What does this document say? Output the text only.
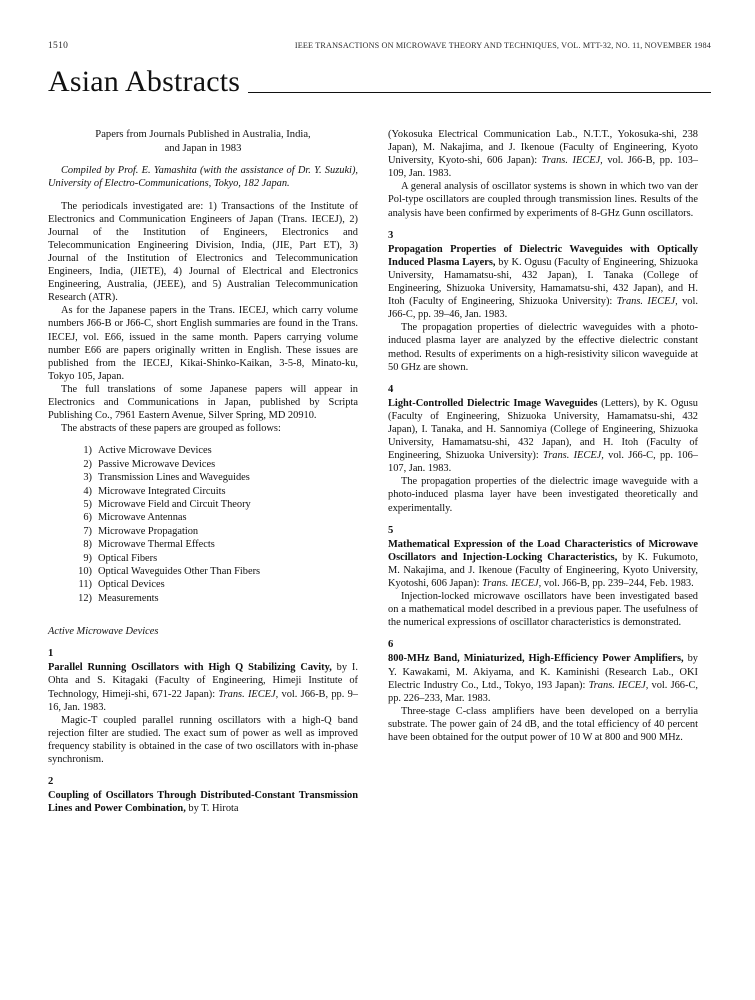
1510	IEEE TRANSACTIONS ON MICROWAVE THEORY AND TECHNIQUES, VOL. MTT-32, NO. 11, NOVEMBER 1984
Asian Abstracts

Papers from Journals Published in Australia, India,

and Japan in 1983

Compiled by Prof. E. Yamashita (with the assistance of Dr. Y. Suzuki), University of Electro-Communications, Tokyo, 182 Japan.

The periodicals investigated are: 1) Transactions of the Institute of Electronics and Communication Engineers of Japan (Trans. IECEJ), 2) Journal of the Institution of Engineers, Electronics and Telecommunication Engineering Division, India, (JIE, Part ET), 3) Journal of the Institution of Electronics and Telecommunication Engineers, India, (JIETE), 4) Journal of Electrical and Electronics Engineering, Australia, (JEEE), and 5) Australian Telecommunication Research (ATR).

As for the Japanese papers in the Trans. IECEJ, which carry volume numbers J66-B or J66-C, short English summaries are found in the Trans. IECEJ, vol. E66, issued in the same month. Papers carrying volume number E66 are papers originally written in English. These issues are published from the IECEJ, Kikai-Shinko-Kaikan, 3-5-8, Minato-ku, Tokyo 105, Japan.

The full translations of some Japanese papers will appear in Electronics and Communications in Japan, published by Scripta Publishing Co., 7961 Eastern Avenue, Silver Spring, MD 20910.

The abstracts of these papers are grouped as follows:

1) Active Microwave Devices
2) Passive Microwave Devices
3) Transmission Lines and Waveguides
4) Microwave Integrated Circuits
5) Microwave Field and Circuit Theory
6) Microwave Antennas
7) Microwave Propagation
8) Microwave Thermal Effects
9) Optical Fibers
10) Optical Waveguides Other Than Fibers
11) Optical Devices
12) Measurements

Active Microwave Devices

1

Parallel Running Oscillators with High Q Stabilizing Cavity, by I. Ohta and S. Kitagaki (Faculty of Engineering, Himeji Institute of Technology, Himeji-shi, 671-22 Japan): Trans. IECEJ, vol. J66-B, pp. 9–16, Jan. 1983.

Magic-T coupled parallel running oscillators with a high-Q band rejection filter are studied. The exact sum of power as well as improved frequency stability is obtained in the case of two oscillators with in-phase synchronism.

2

Coupling of Oscillators Through Distributed-Constant Transmission Lines and Power Combination, by T. Hirota

(Yokosuka Electrical Communication Lab., N.T.T., Yokosuka-shi, 238 Japan), M. Nakajima, and J. Ikenoue (Faculty of Engineering, Kyoto University, Kyoto-shi, 606 Japan): Trans. IECEJ, vol. J66-B, pp. 103–109, Jan. 1983.

A general analysis of oscillator systems is shown in which two van der Pol-type oscillators are coupled through transmission lines. Results of the analysis have been confirmed by experiments of 8-GHz Gunn oscillators.

3

Propagation Properties of Dielectric Waveguides with Optically Induced Plasma Layers, by K. Ogusu (Faculty of Engineering, Shizuoka University, Hamamatsu-shi, 432 Japan), I. Tanaka (College of Engineering, Shizuoka University, Hamamatsu-shi, 432 Japan), and H. Itoh (Faculty of Engineering, Shizuoka University): Trans. IECEJ, vol. J66-C, pp. 39–46, Jan. 1983.

The propagation properties of dielectric waveguides with a photo-induced plasma layer are analyzed by the effective dielectric constant method. Results of experiments on a high-resistivity silicon waveguide at 50 GHz are shown.

4

Light-Controlled Dielectric Image Waveguides (Letters), by K. Ogusu (Faculty of Engineering, Shizuoka University, Hamamatsu-shi, 432 Japan), I. Tanaka, and H. Sannomiya (College of Engineering, Shizuoka University, Hamamatsu-shi, 432 Japan), and H. Itoh (Faculty of Engineering, Shizuoka University): Trans. IECEJ, vol. J66-C, pp. 106–107, Jan. 1983.

The propagation properties of the dielectric image waveguide with a photo-induced plasma layer have been investigated theoretically and experimentally.

5

Mathematical Expression of the Load Characteristics of Microwave Oscillators and Injection-Locking Characteristics, by K. Fukumoto, M. Nakajima, and J. Ikenoue (Faculty of Engineering, Kyoto University, Kyotoshi, 606 Japan): Trans. IECEJ, vol. J66-B, pp. 239–244, Feb. 1983.

Injection-locked microwave oscillators have been investigated based on a mathematical model described in a previous paper. The usefulness of the numerical expressions of oscillator characteristics is demonstrated.

6

800-MHz Band, Miniaturized, High-Efficiency Power Amplifiers, by Y. Kawakami, M. Akiyama, and K. Kaminishi (Research Lab., OKI Electric Industry Co., Ltd., Tokyo, 193 Japan): Trans. IECEJ, vol. J66-C, pp. 226–233, Mar. 1983.

Three-stage C-class amplifiers have been developed on a berrylia substrate. The power gain of 24 dB, and the total efficiency of 40 percent have been obtained for the output power of 10 W at 800 and 900 MHz.
